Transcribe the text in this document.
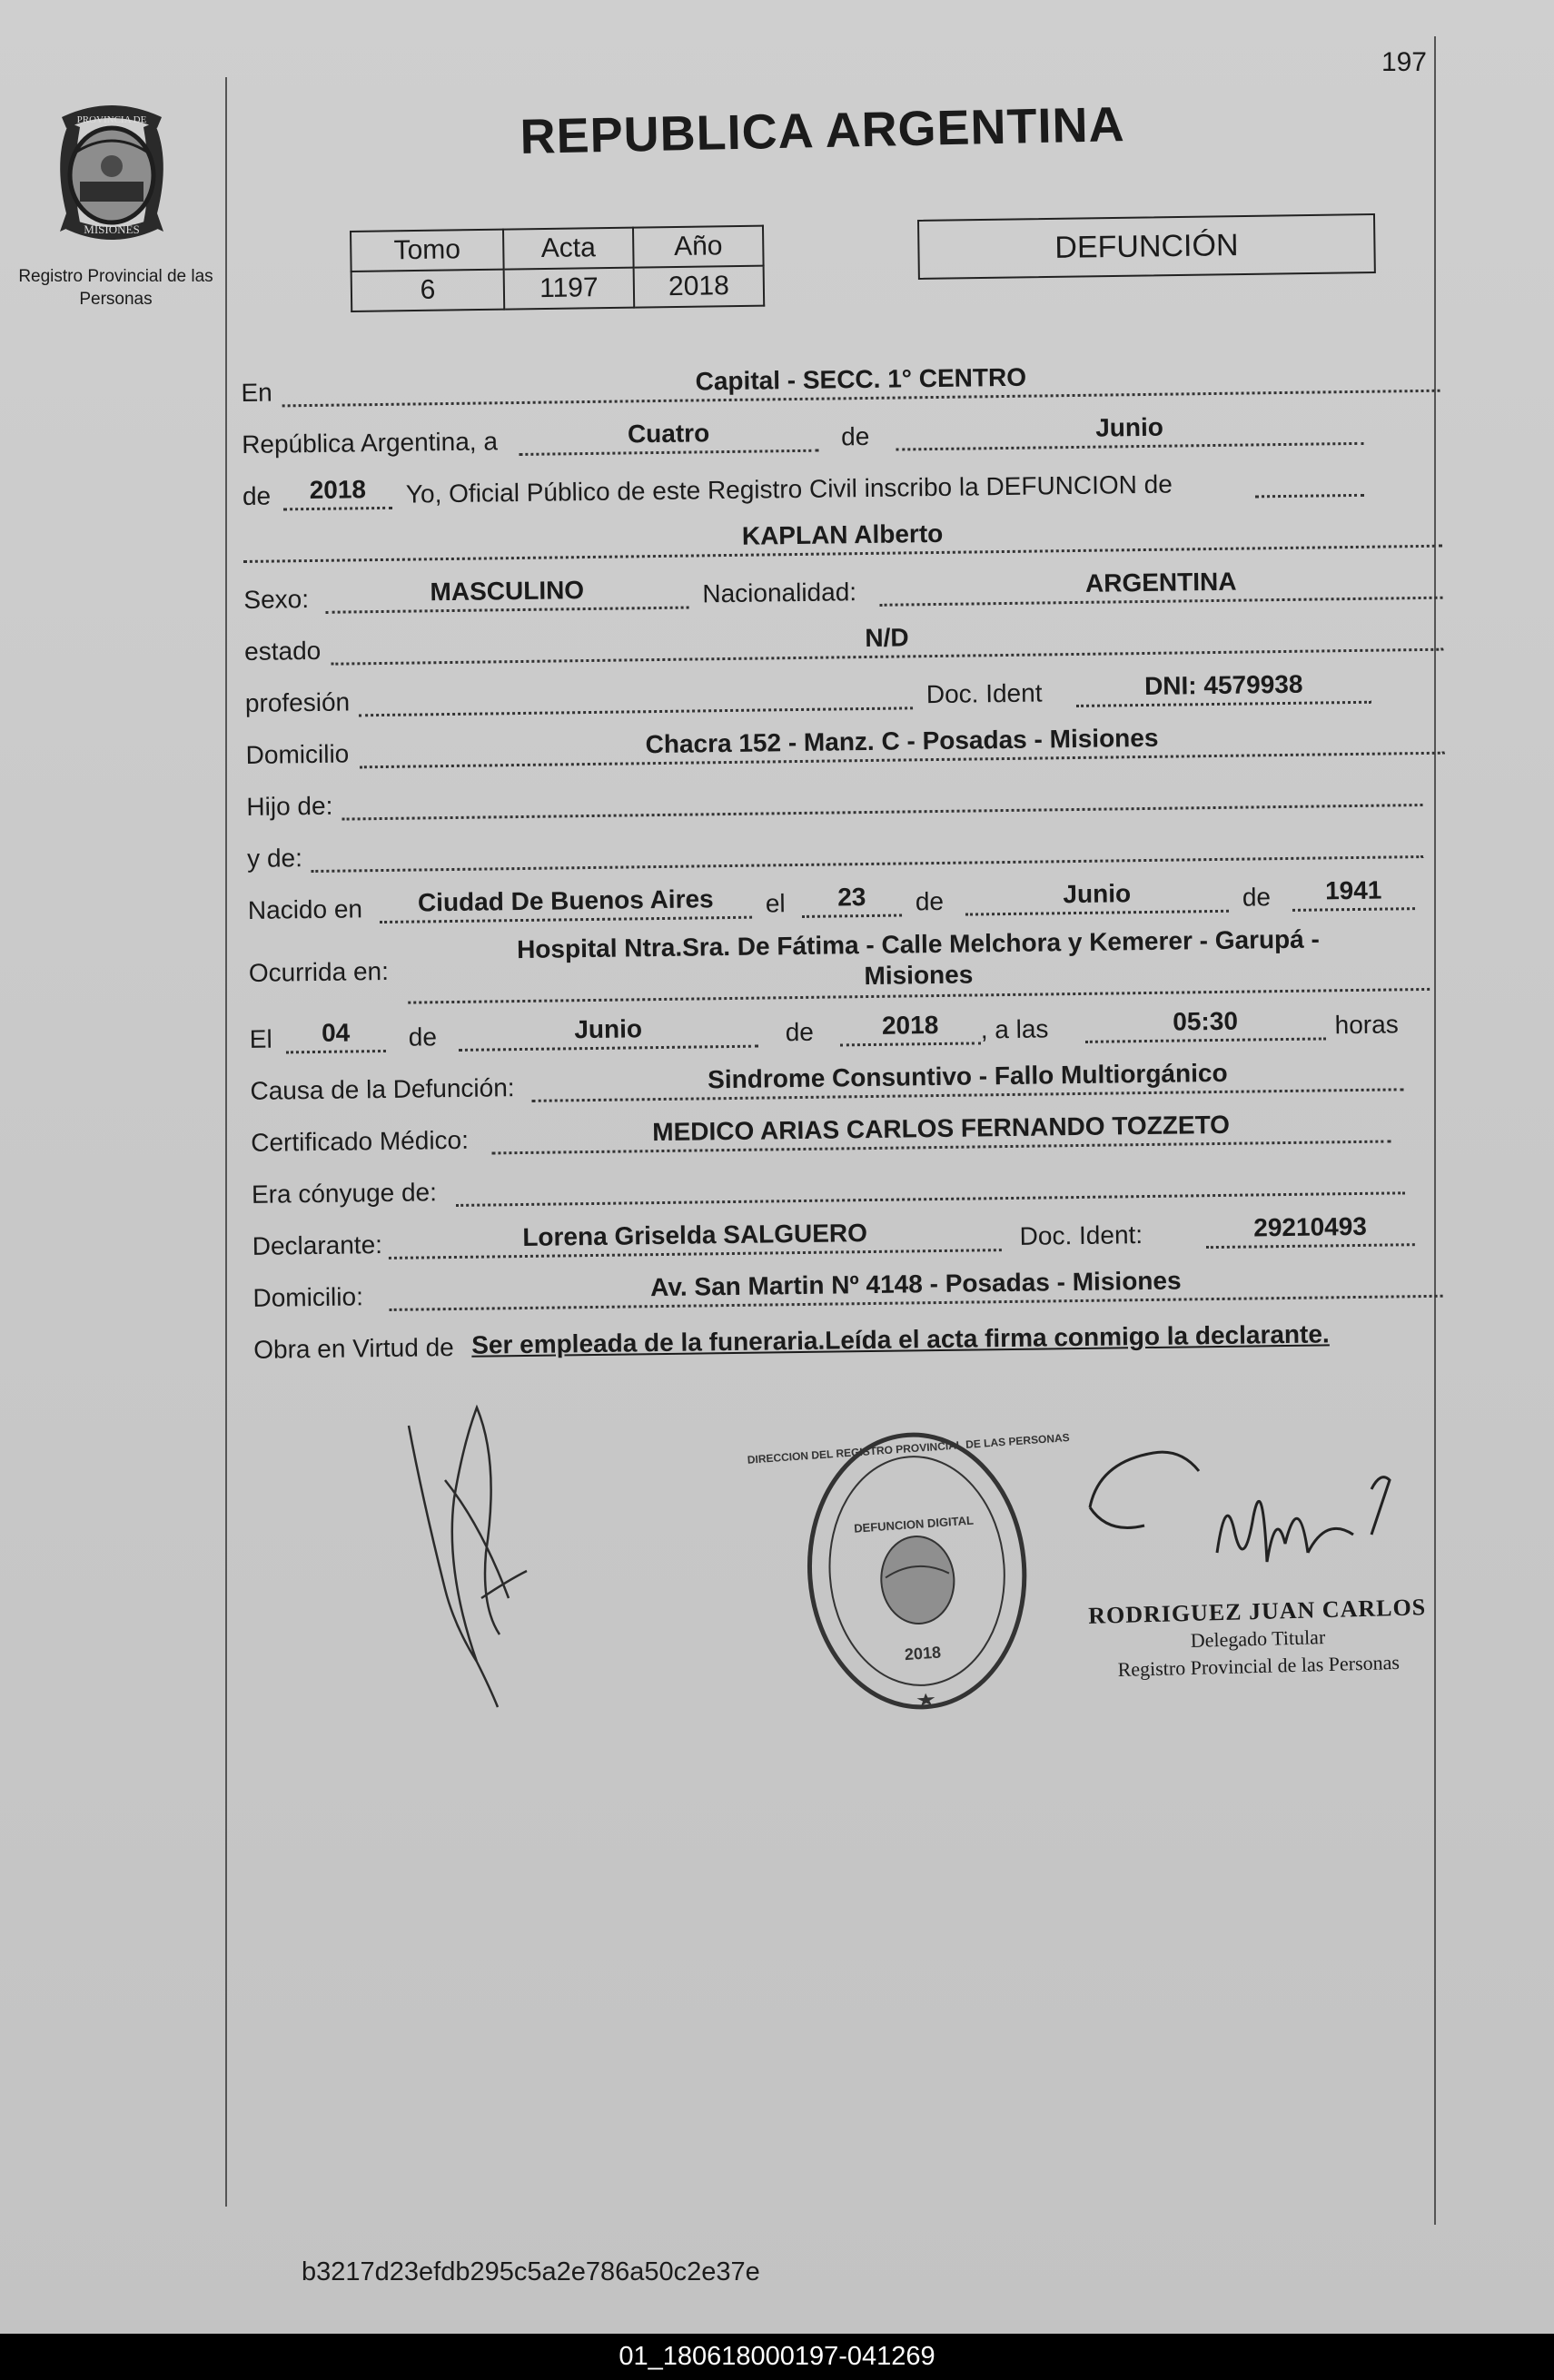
197
PROVINCIA DE
MISIONES
Registro Provincial de las Personas
REPUBLICA ARGENTINA
Tomo	Acta	Año
6	1197	2018
DEFUNCIÓN
En	Capital - SECC. 1° CENTRO
República Argentina, a	Cuatro	de	Junio
de	2018	Yo, Oficial Público de este Registro Civil inscribo la DEFUNCION de
KAPLAN Alberto
Sexo:	MASCULINO	Nacionalidad:	ARGENTINA
estado	N/D
profesión	Doc. Ident	DNI: 4579938
Domicilio	Chacra 152 - Manz. C - Posadas - Misiones
Hijo de:
y de:
Nacido en	Ciudad De Buenos Aires	el	23	de	Junio	de	1941
Ocurrida en:
Hospital Ntra.Sra. De Fátima - Calle Melchora y Kemerer - Garupá -
Misiones
El	04	de	Junio	de	2018	, a las	05:30	horas
Causa de la Defunción:	Sindrome Consuntivo - Fallo Multiorgánico
Certificado Médico:	MEDICO ARIAS CARLOS FERNANDO TOZZETO
Era cónyuge de:
Declarante:	Lorena Griselda SALGUERO	Doc. Ident:	29210493
Domicilio:	Av. San Martin Nº 4148 - Posadas - Misiones
Obra en Virtud de Ser empleada de la funeraria.Leída el acta firma conmigo la declarante.
DEFUNCION DIGITAL
2018
DIRECCION DEL REGISTRO PROVINCIAL DE LAS PERSONAS
RODRIGUEZ JUAN CARLOS
Delegado Titular
Registro Provincial de las Personas
b3217d23efdb295c5a2e786a50c2e37e
01_180618000197-041269
